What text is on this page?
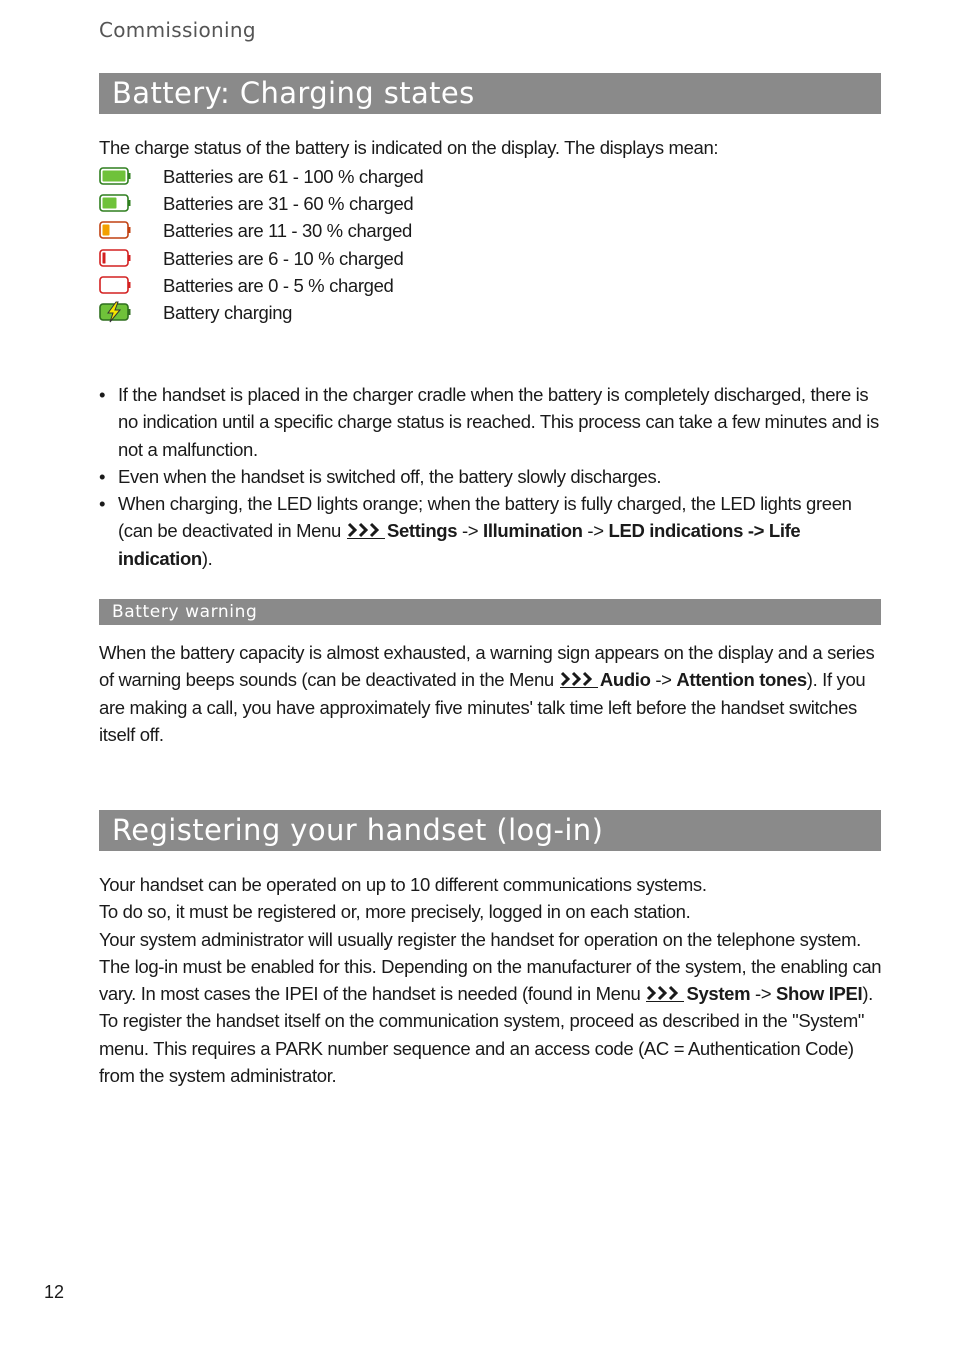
Commissioning
Battery: Charging states
The charge status of the battery is indicated on the display. The displays mean:
Batteries are 61 - 100 % charged
Batteries are 31 - 60 % charged
Batteries are 11 - 30 % charged
Batteries are 6 - 10 % charged
Batteries are 0 - 5 % charged
Battery charging
• If the handset is placed in the charger cradle when the battery is completely discharged, there is no indication until a specific charge status is reached. This process can take a few minutes and is not a malfunction.
• Even when the handset is switched off, the battery slowly discharges.
• When charging, the LED lights orange; when the battery is fully charged, the LED lights green (can be deactivated in Menu Settings -> Illumination -> LED indications -> Life indication).
Battery warning
When the battery capacity is almost exhausted, a warning sign appears on the display and a series of warning beeps sounds (can be deactivated in the Menu Audio -> Attention tones). If you are making a call, you have approximately five minutes' talk time left before the handset switches itself off.
Registering your handset (log-in)
Your handset can be operated on up to 10 different communications systems.
To do so, it must be registered or, more precisely, logged in on each station.
Your system administrator will usually register the handset for operation on the telephone system. The log-in must be enabled for this. Depending on the manufacturer of the system, the enabling can vary. In most cases the IPEI of the handset is needed (found in Menu System -> Show IPEI). To register the handset itself on the communication system, proceed as described in the "System" menu. This requires a PARK number sequence and an access code (AC = Authentication Code) from the system administrator.
12
